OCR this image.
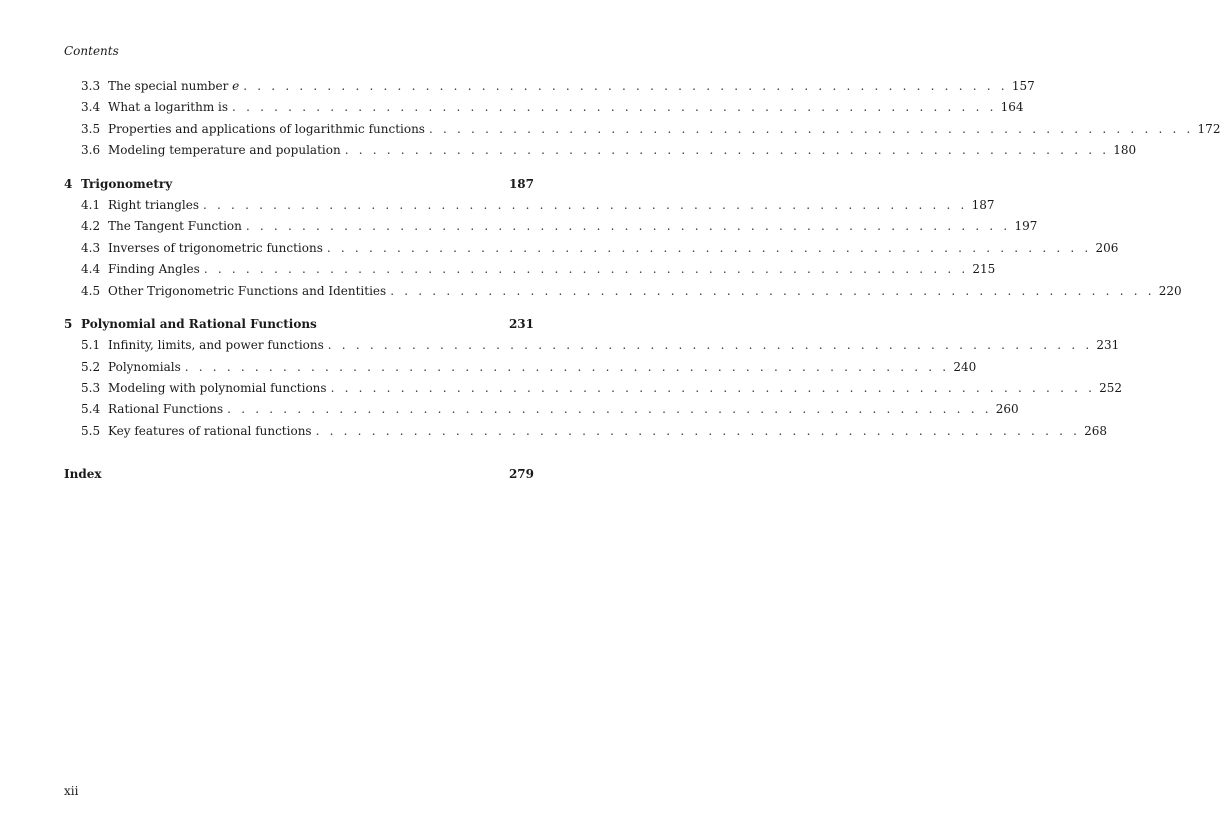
Contents
3.3 The special number e . . . . . . . . . . . . . . . . . . . . . . . . . . . . . . . . . . . . . . . . . . . . . . . . . . . . . . . 157
3.4 What a logarithm is . . . . . . . . . . . . . . . . . . . . . . . . . . . . . . . . . . . . . . . . . . . . . . . . . . . . . . . 164
3.5 Properties and applications of logarithmic functions . . . . . . . . . . . . . . . . . . . . . . . . . . . . . . . . . . . . . . . . . . . . . . . . . . . . . . . 172
3.6 Modeling temperature and population . . . . . . . . . . . . . . . . . . . . . . . . . . . . . . . . . . . . . . . . . . . . . . . . . . . . . . . 180
4 Trigonometry	187
4.1 Right triangles . . . . . . . . . . . . . . . . . . . . . . . . . . . . . . . . . . . . . . . . . . . . . . . . . . . . . . . 187
4.2 The Tangent Function . . . . . . . . . . . . . . . . . . . . . . . . . . . . . . . . . . . . . . . . . . . . . . . . . . . . . . . 197
4.3 Inverses of trigonometric functions . . . . . . . . . . . . . . . . . . . . . . . . . . . . . . . . . . . . . . . . . . . . . . . . . . . . . . . 206
4.4 Finding Angles . . . . . . . . . . . . . . . . . . . . . . . . . . . . . . . . . . . . . . . . . . . . . . . . . . . . . . . 215
4.5 Other Trigonometric Functions and Identities . . . . . . . . . . . . . . . . . . . . . . . . . . . . . . . . . . . . . . . . . . . . . . . . . . . . . . . 220
5 Polynomial and Rational Functions	231
5.1 Infinity, limits, and power functions . . . . . . . . . . . . . . . . . . . . . . . . . . . . . . . . . . . . . . . . . . . . . . . . . . . . . . . 231
5.2 Polynomials . . . . . . . . . . . . . . . . . . . . . . . . . . . . . . . . . . . . . . . . . . . . . . . . . . . . . . . 240
5.3 Modeling with polynomial functions . . . . . . . . . . . . . . . . . . . . . . . . . . . . . . . . . . . . . . . . . . . . . . . . . . . . . . . 252
5.4 Rational Functions . . . . . . . . . . . . . . . . . . . . . . . . . . . . . . . . . . . . . . . . . . . . . . . . . . . . . . . 260
5.5 Key features of rational functions . . . . . . . . . . . . . . . . . . . . . . . . . . . . . . . . . . . . . . . . . . . . . . . . . . . . . . . 268
Index	279
xii
